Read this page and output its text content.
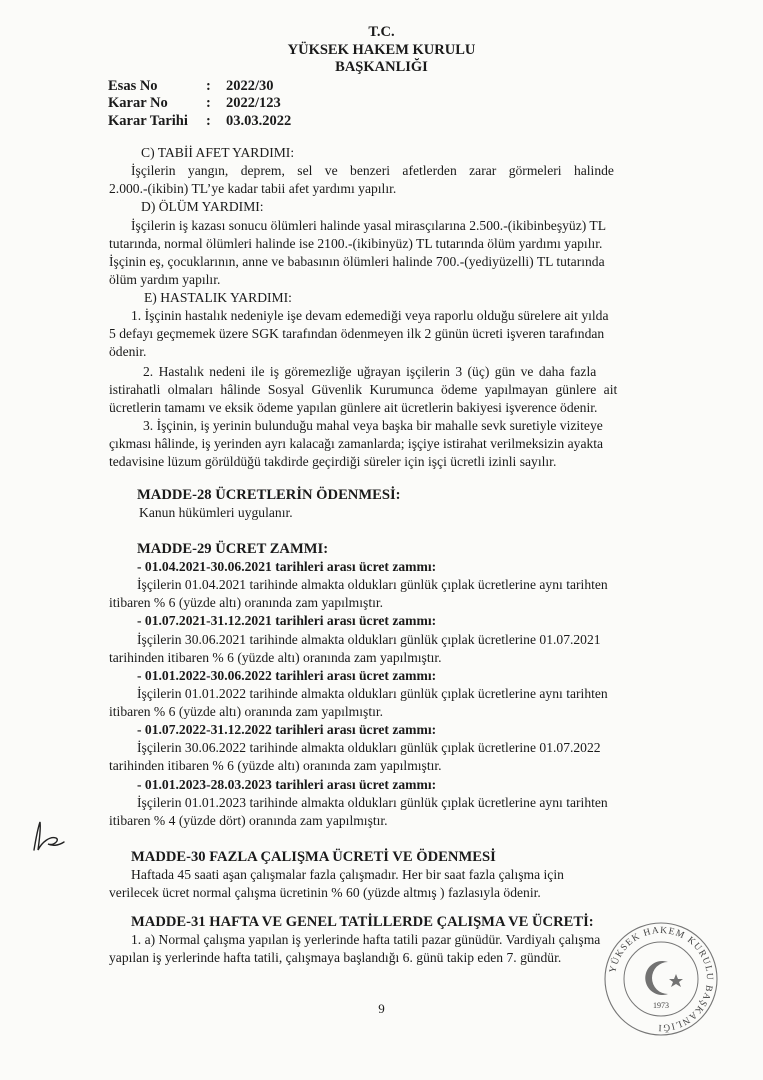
T.C.
YÜKSEK HAKEM KURULU
BAŞKANLIĞI
Esas No	: 2022/30
Karar No	: 2022/123
Karar Tarihi : 03.03.2022
C) TABİİ AFET YARDIMI:
İşçilerin yangın, deprem, sel ve benzeri afetlerden zarar görmeleri halinde
2.000.-(ikibin) TL’ye kadar tabii afet yardımı yapılır.
D) ÖLÜM YARDIMI:
İşçilerin iş kazası sonucu ölümleri halinde yasal mirasçılarına 2.500.-(ikibinbeşyüz) TL
tutarında, normal ölümleri halinde ise 2100.-(ikibinyüz) TL tutarında ölüm yardımı yapılır.
İşçinin eş, çocuklarının, anne ve babasının ölümleri halinde 700.-(yediyüzelli) TL tutarında
ölüm yardım yapılır.
E) HASTALIK YARDIMI:
1. İşçinin hastalık nedeniyle işe devam edemediği veya raporlu olduğu sürelere ait yılda
5 defayı geçmemek üzere SGK tarafından ödenmeyen ilk 2 günün ücreti işveren tarafından
ödenir.
2. Hastalık nedeni ile iş göremezliğe uğrayan işçilerin 3 (üç) gün ve daha fazla
istirahatli olmaları hâlinde Sosyal Güvenlik Kurumunca ödeme yapılmayan günlere ait
ücretlerin tamamı ve eksik ödeme yapılan günlere ait ücretlerin bakiyesi işverence ödenir.
3. İşçinin, iş yerinin bulunduğu mahal veya başka bir mahalle sevk suretiyle viziteye
çıkması hâlinde, iş yerinden ayrı kalacağı zamanlarda; işçiye istirahat verilmeksizin ayakta
tedavisine lüzum görüldüğü takdirde geçirdiği süreler için işçi ücretli izinli sayılır.
MADDE-28 ÜCRETLERİN ÖDENMESİ:
Kanun hükümleri uygulanır.
MADDE-29 ÜCRET ZAMMI:
- 01.04.2021-30.06.2021 tarihleri arası ücret zammı:
İşçilerin 01.04.2021 tarihinde almakta oldukları günlük çıplak ücretlerine aynı tarihten
itibaren % 6 (yüzde altı) oranında zam yapılmıştır.
- 01.07.2021-31.12.2021 tarihleri arası ücret zammı:
İşçilerin 30.06.2021 tarihinde almakta oldukları günlük çıplak ücretlerine 01.07.2021
tarihinden itibaren % 6 (yüzde altı) oranında zam yapılmıştır.
- 01.01.2022-30.06.2022 tarihleri arası ücret zammı:
İşçilerin 01.01.2022 tarihinde almakta oldukları günlük çıplak ücretlerine aynı tarihten
itibaren % 6 (yüzde altı) oranında zam yapılmıştır.
- 01.07.2022-31.12.2022 tarihleri arası ücret zammı:
İşçilerin 30.06.2022 tarihinde almakta oldukları günlük çıplak ücretlerine 01.07.2022
tarihinden itibaren % 6 (yüzde altı) oranında zam yapılmıştır.
- 01.01.2023-28.03.2023 tarihleri arası ücret zammı:
İşçilerin 01.01.2023 tarihinde almakta oldukları günlük çıplak ücretlerine aynı tarihten
itibaren % 4 (yüzde dört) oranında zam yapılmıştır.
MADDE-30 FAZLA ÇALIŞMA ÜCRETİ VE ÖDENMESİ
Haftada 45 saati aşan çalışmalar fazla çalışmadır. Her bir saat fazla çalışma için
verilecek ücret normal çalışma ücretinin % 60 (yüzde altmış ) fazlasıyla ödenir.
MADDE-31 HAFTA VE GENEL TATİLLERDE ÇALIŞMA VE ÜCRETİ:
1. a) Normal çalışma yapılan iş yerlerinde hafta tatili pazar günüdür. Vardiyalı çalışma
yapılan iş yerlerinde hafta tatili, çalışmaya başlandığı 6. günü takip eden 7. gündür.
9
YÜKSEK HAKEM KURULU BAŞKANLIĞI
1973
